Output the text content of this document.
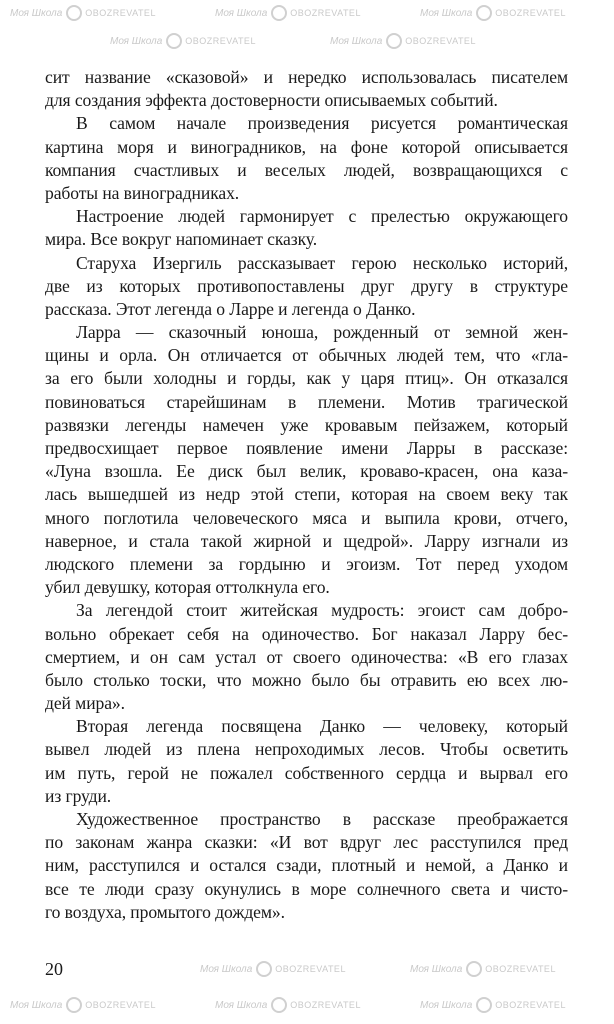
Моя Школа	OBOZREVATEL	Моя Школа	OBOZREVATEL	Моя Школа	OBOZREVATEL
Моя Школа	OBOZREVATEL	Моя Школа	OBOZREVATEL
Моя Школа	OBOZREVATEL	Моя Школа	OBOZREVATEL
Моя Школа	OBOZREVATEL	Моя Школа	OBOZREVATEL	Моя Школа	OBOZREVATEL
сит название «сказовой» и нередко использовалась писателем
для создания эффекта достоверности описываемых событий.
В самом начале произведения рисуется романтическая
картина моря и виноградников, на фоне которой описывается
компания счастливых и веселых людей, возвращающихся с
работы на виноградниках.
Настроение людей гармонирует с прелестью окружающего
мира. Все вокруг напоминает сказку.
Старуха Изергиль рассказывает герою несколько историй,
две из которых противопоставлены друг другу в структуре
рассказа. Этот легенда о Ларре и легенда о Данко.
Ларра — сказочный юноша, рожденный от земной жен-
щины и орла. Он отличается от обычных людей тем, что «гла-
за его были холодны и горды, как у царя птиц». Он отказался
повиноваться старейшинам в племени. Мотив трагической
развязки легенды намечен уже кровавым пейзажем, который
предвосхищает первое появление имени Ларры в рассказе:
«Луна взошла. Ее диск был велик, кроваво-красен, она каза-
лась вышедшей из недр этой степи, которая на своем веку так
много поглотила человеческого мяса и выпила крови, отчего,
наверное, и стала такой жирной и щедрой». Ларру изгнали из
людского племени за гордыню и эгоизм. Тот перед уходом
убил девушку, которая оттолкнула его.
За легендой стоит житейская мудрость: эгоист сам добро-
вольно обрекает себя на одиночество. Бог наказал Ларру бес-
смертием, и он сам устал от своего одиночества: «В его глазах
было столько тоски, что можно было бы отравить ею всех лю-
дей мира».
Вторая легенда посвящена Данко — человеку, который
вывел людей из плена непроходимых лесов. Чтобы осветить
им путь, герой не пожалел собственного сердца и вырвал его
из груди.
Художественное пространство в рассказе преображается
по законам жанра сказки: «И вот вдруг лес расступился пред
ним, расступился и остался сзади, плотный и немой, а Данко и
все те люди сразу окунулись в море солнечного света и чисто-
го воздуха, промытого дождем».
20
